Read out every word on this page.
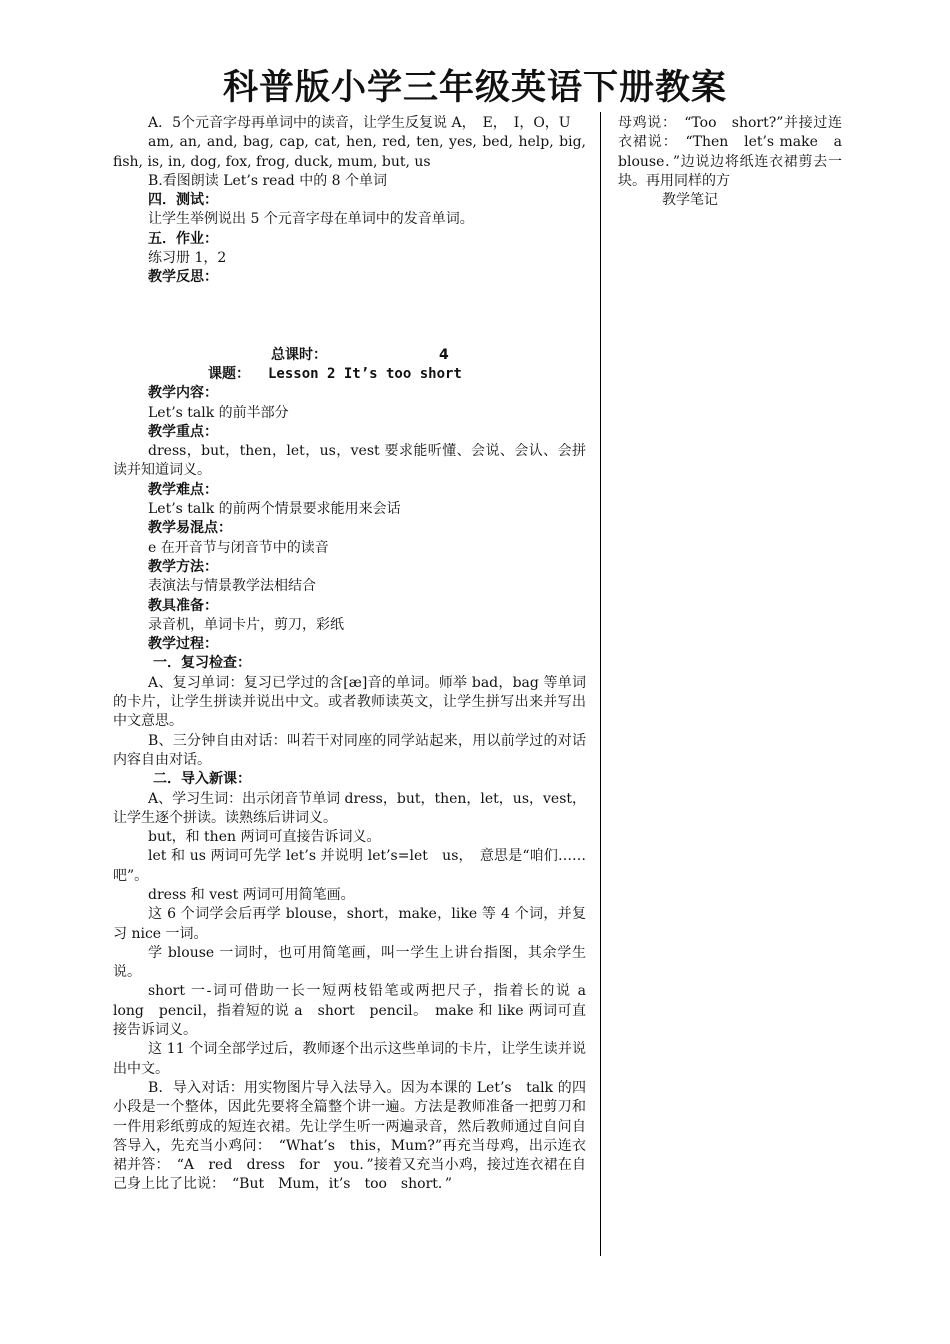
科普版小学三年级英语下册教案

A．5个元音字母再单词中的读音，让学生反复说 A，　E，　I，O，U

am, an, and, bag, cap, cat, hen, red, ten, yes, bed, help, big, fish, is, in, dog, fox, frog, duck, mum, but, us

B.看图朗读 Let’s read 中的 8 个单词

四．测试：

让学生举例说出 5 个元音字母在单词中的发音单词。

五．作业：

练习册 1，2

教学反思：

总课时：	4

课题： Lesson 2 It’s too short

教学内容：

Let’s talk 的前半部分

教学重点：

dress，but，then，let，us，vest 要求能听懂、会说、会认、会拼读并知道词义。

教学难点：

Let’s talk 的前两个情景要求能用来会话

教学易混点：

e 在开音节与闭音节中的读音

教学方法：

表演法与情景教学法相结合

教具准备：

录音机，单词卡片，剪刀，彩纸

教学过程：

一．复习检查：

A、复习单词：复习已学过的含[æ]音的单词。师举 bad，bag 等单词的卡片，让学生拼读并说出中文。或者教师读英文，让学生拼写出来并写出中文意思。

B、三分钟自由对话：叫若干对同座的同学站起来，用以前学过的对话内容自由对话。

二．导入新课：

A、学习生词：出示闭音节单词 dress，but，then，let，us，vest，让学生逐个拼读。读熟练后讲词义。

but，和 then 两词可直接告诉词义。

let 和 us 两词可先学 let’s 并说明 let’s=let　us，　意思是“咱们……吧”。

dress 和 vest 两词可用简笔画。

这 6 个词学会后再学 blouse，short，make，like 等 4 个词，并复习 nice 一词。

学 blouse 一词时，也可用简笔画，叫一学生上讲台指图，其余学生说。

short 一-词可借助一长一短两枝铅笔或两把尺子，指着长的说 a　long　pencil，指着短的说 a　short　pencil。　make 和 like 两词可直接告诉词义。

这 11 个词全部学过后，教师逐个出示这些单词的卡片，让学生读并说出中文。

B．导入对话：用实物图片导入法导入。因为本课的 Let’s　talk 的四小段是一个整体，因此先要将全篇整个讲一遍。方法是教师准备一把剪刀和一件用彩纸剪成的短连衣裙。先让学生听一两遍录音，然后教师通过自问自答导入，先充当小鸡问：　“What’s　this，Mum?”再充当母鸡，出示连衣裙并答：　“A　red　dress　for　you．”接着又充当小鸡，接过连衣裙在自己身上比了比说：　“But　Mum，it’s　too　short．”

母鸡说：　“Too　short?”并接过连衣裙说：　“Then　let’s make　a　blouse．”边说边将纸连衣裙剪去一块。再用同样的方

教学笔记
